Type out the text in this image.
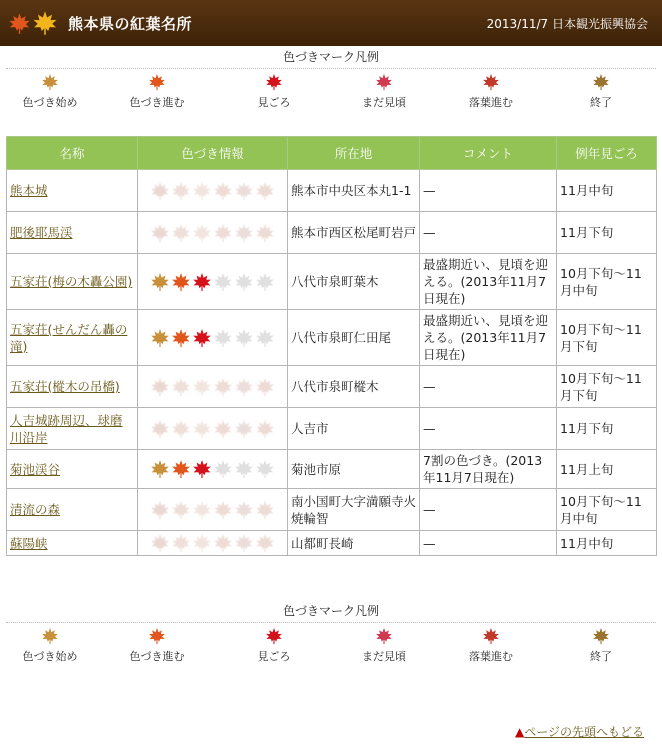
熊本県の紅葉名所	2013/11/7 日本観光振興協会
色づきマーク凡例
色づき始め	色づき進む	見ごろ	まだ見頃	落葉進む	終了
名称	色づき情報	所在地	コメント	例年見ごろ
熊本城		熊本市中央区本丸1-1	—	11月中旬
肥後耶馬渓		熊本市西区松尾町岩戸	—	11月下旬
五家荘(梅の木轟公園)		八代市泉町葉木	最盛期近い、見頃を迎える。(2013年11月7日現在)	10月下旬〜11月中旬
五家荘(せんだん轟の滝)		八代市泉町仁田尾	最盛期近い、見頃を迎える。(2013年11月7日現在)	10月下旬〜11月下旬
五家荘(樅木の吊橋)		八代市泉町樅木	—	10月下旬〜11月下旬
人吉城跡周辺、球磨川沿岸		人吉市	—	11月下旬
菊池渓谷		菊池市原	7割の色づき。(2013年11月7日現在)	11月上旬
清流の森		南小国町大字満願寺火焼輪智	—	10月下旬〜11月中旬
蘇陽峡		山都町長崎	—	11月中旬
色づきマーク凡例
色づき始め	色づき進む	見ごろ	まだ見頃	落葉進む	終了
▲ページの先頭へもどる
